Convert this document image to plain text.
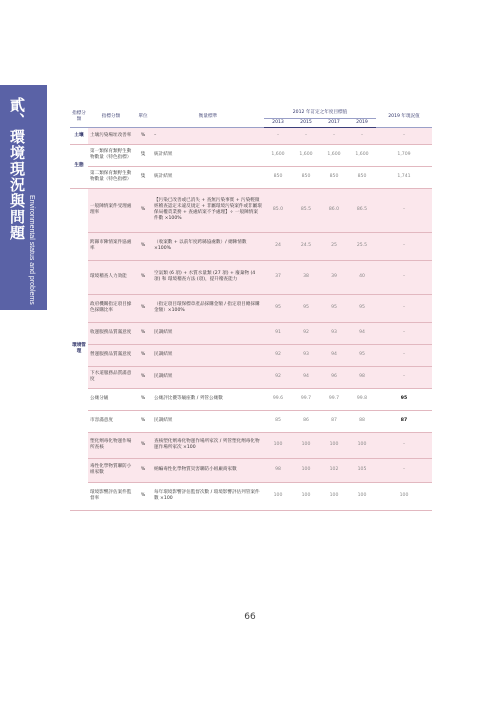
貳、環境現況與問題
Environmental status and problems
指標分類	指標分類	單位	衡量標準	2012 年訂定之年度目標值				2019 年現況值
				2013	2015	2017	2019	
土壤	土壤污染場址改善率	%	–	–	–	–	–	–
生態	第一類保育類野生動物數量（特色指標）	隻	統計結果	1,600	1,600	1,600	1,600	1,709
	第二類保育類野生動物數量（特色指標）	隻	統計結果	850	850	850	850	1,741
環境管理	一般陳情案件受理處理率	%	【污染已改善或已消失 + 查無污染事實 + 污染輕微經稽查認定未違反規定 + 非屬環境污染案件或非屬環保局權責業務 + 查處結案不予處理】÷ 一般陳情案件數 ×100%	85.0	85.5	86.0	86.5	–
	跨縣市陳情案件協處率	%	（收案數 + 以前年度跨縣協處數）/ 總陳情數 ×100%	24	24.5	25	25.5	–
	環境稽查人力效能	%	空氣類 (6 項) + 水質水量類 (27 項) + 廢棄物 (4 項) 和 環境稽查方法 (項)，提升稽查能力	37	38	39	40	–
	政府機關指定項目綠色採購比率	%	（指定項目環保標章產品採購金額 / 指定項目總採購金額）×100%	95	95	95	95	–
	收運服務品質滿意度	%	民調結果	91	92	93	94	–
	營運服務品質滿意度	%	民調結果	92	93	94	95	–
	下水道服務品質滿意度	%	民調結果	92	94	96	98	–
	公廁分級	%	公廁評比優等級座數 / 列管公廁數	99.6	99.7	99.7	99.8	95
	市容滿意度	%	民調結果	85	86	87	88	87
	塑化劑毒化物運作場所查核	%	查核塑化劑毒化物運作場所家次 / 列管塑化劑毒化物運作場所家次 ×100	100	100	100	100	–
	毒性化學物質聯防小組家數	%	納編毒性化學物質災害聯防小組廠商家數	98	100	102	105	–
	環境影響評估案件監督率	%	每年環境影響評估監督次數 / 環境影響評估列管案件數 ×100	100	100	100	100	100
66
